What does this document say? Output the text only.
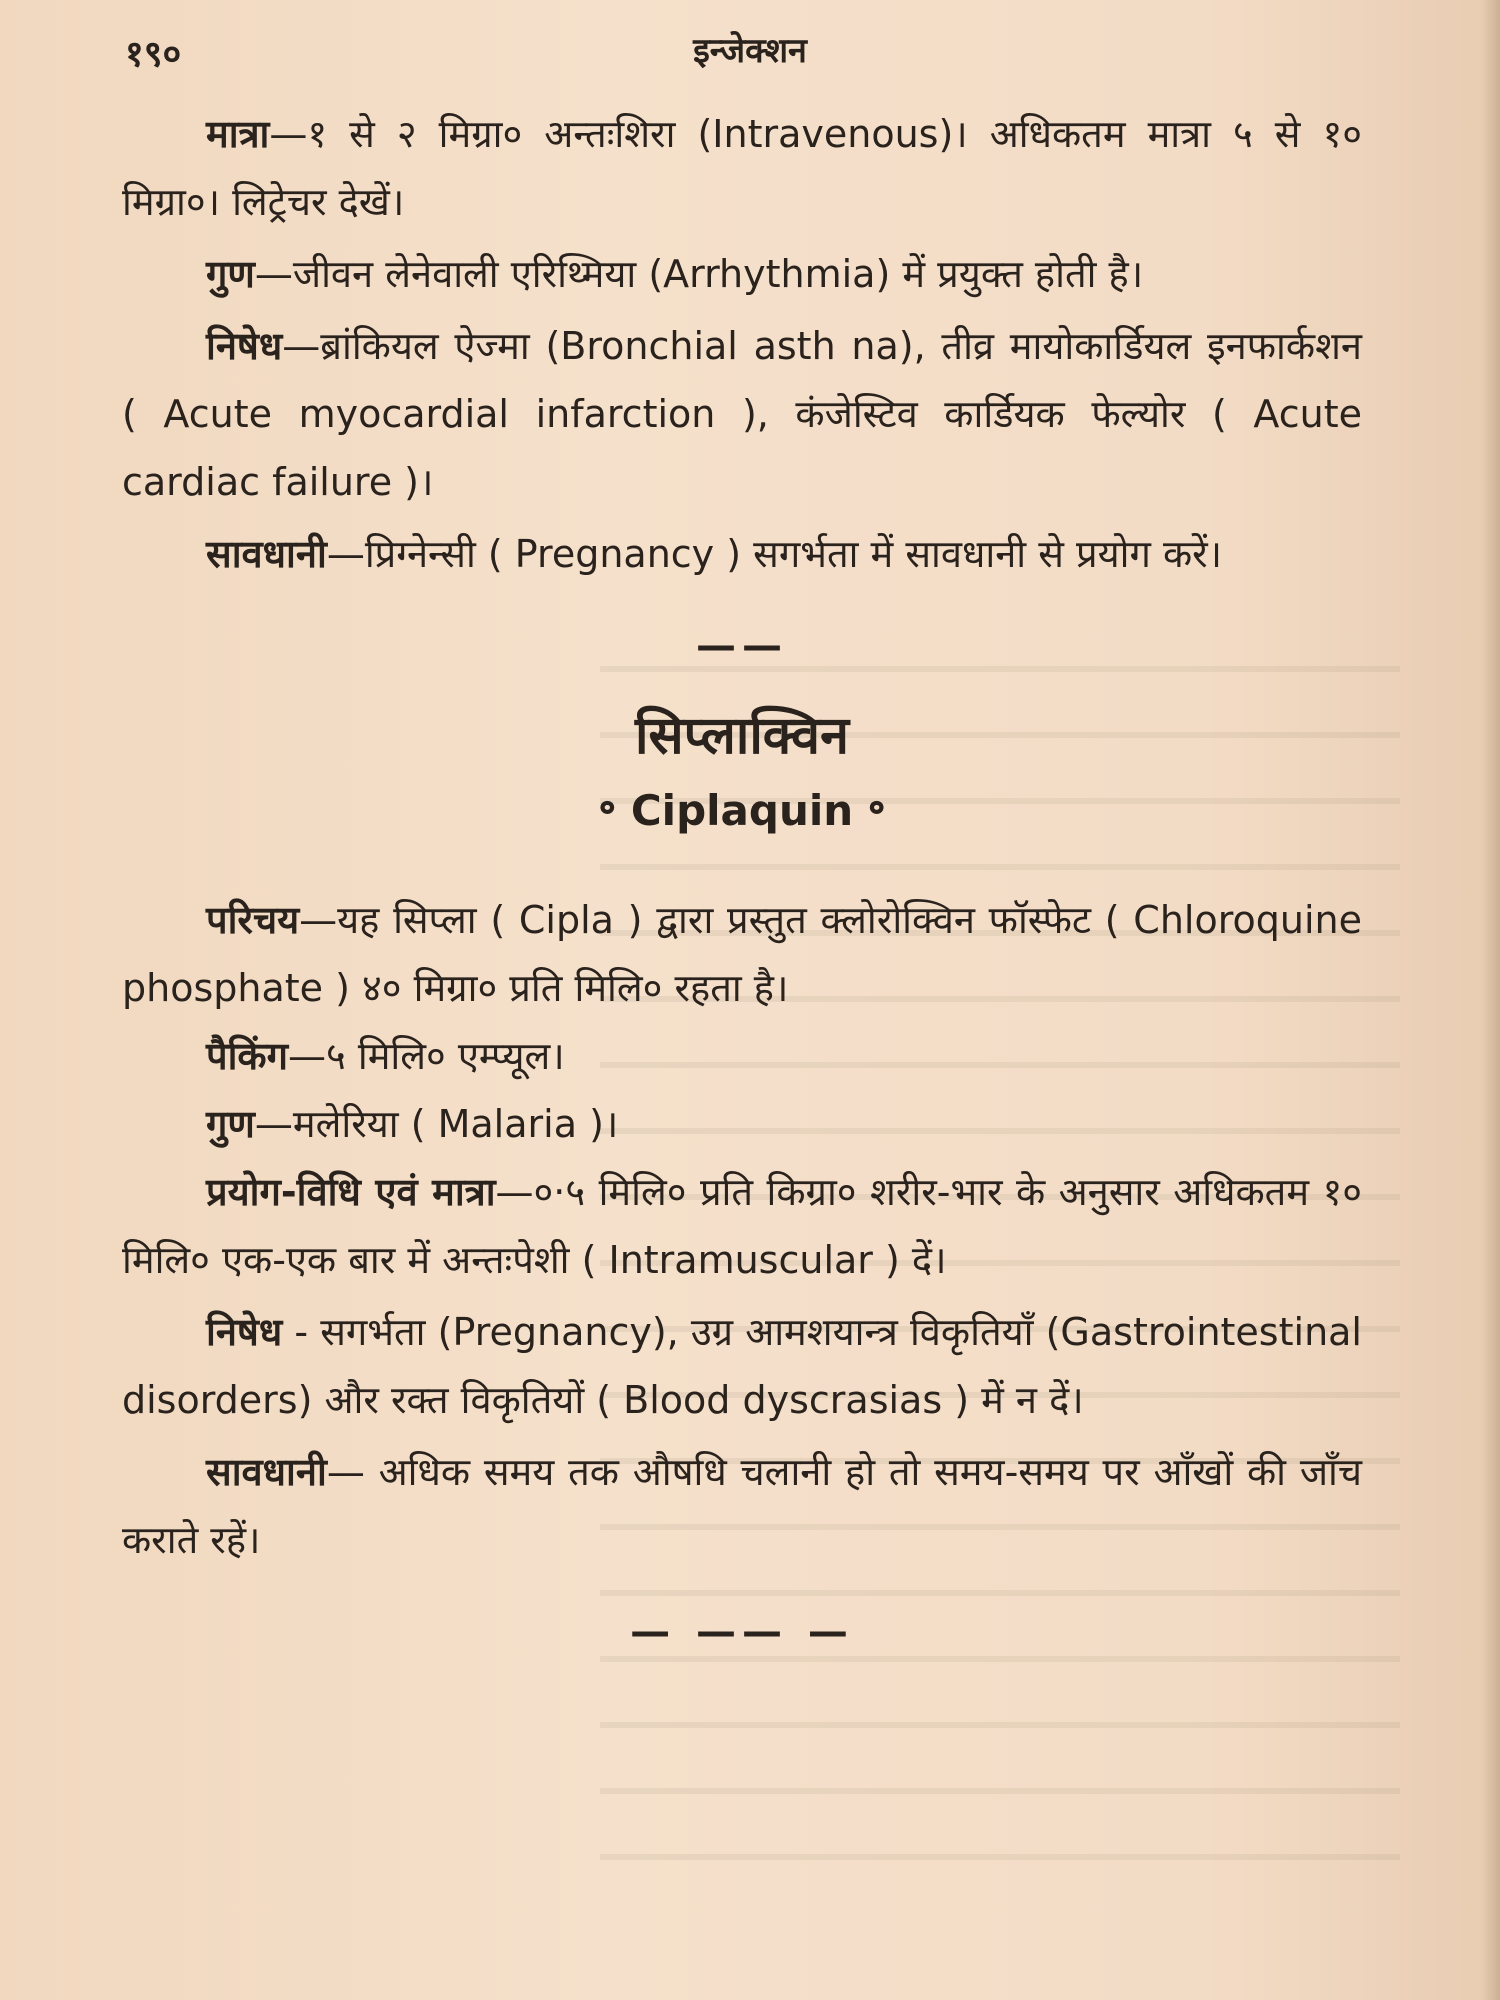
१९०	इन्जेक्शन

मात्रा—१ से २ मिग्रा० अन्तःशिरा (Intravenous)। अधिकतम मात्रा ५ से १० मिग्रा०। लिट्रेचर देखें।

गुण—जीवन लेनेवाली एरिथ्मिया (Arrhythmia) में प्रयुक्त होती है।

निषेध—ब्रांकियल ऐज्मा (Bronchial asth na), तीव्र मायोकार्डियल इनफार्कशन ( Acute myocardial infarction ), कंजेस्टिव कार्डियक फेल्योर ( Acute cardiac failure )।

सावधानी—प्रिग्नेन्सी ( Pregnancy ) सगर्भता में सावधानी से प्रयोग करें।

——
सिप्लाक्विन
॰ Ciplaquin ॰

परिचय—यह सिप्ला ( Cipla ) द्वारा प्रस्तुत क्लोरोक्विन फॉस्फेट ( Chloroquine phosphate ) ४० मिग्रा० प्रति मिलि० रहता है।

पैकिंग—५ मिलि० एम्प्यूल।

गुण—मलेरिया ( Malaria )।

प्रयोग-विधि एवं मात्रा—०·५ मिलि० प्रति किग्रा० शरीर-भार के अनुसार अधिकतम १० मिलि० एक-एक बार में अन्तःपेशी ( Intramuscular ) दें।

निषेध - सगर्भता (Pregnancy), उग्र आमशयान्त्र विकृतियाँ (Gastrointestinal disorders) और रक्त विकृतियों ( Blood dyscrasias ) में न दें।

सावधानी— अधिक समय तक औषधि चलानी हो तो समय-समय पर आँखों की जाँच कराते रहें।

— —— —
